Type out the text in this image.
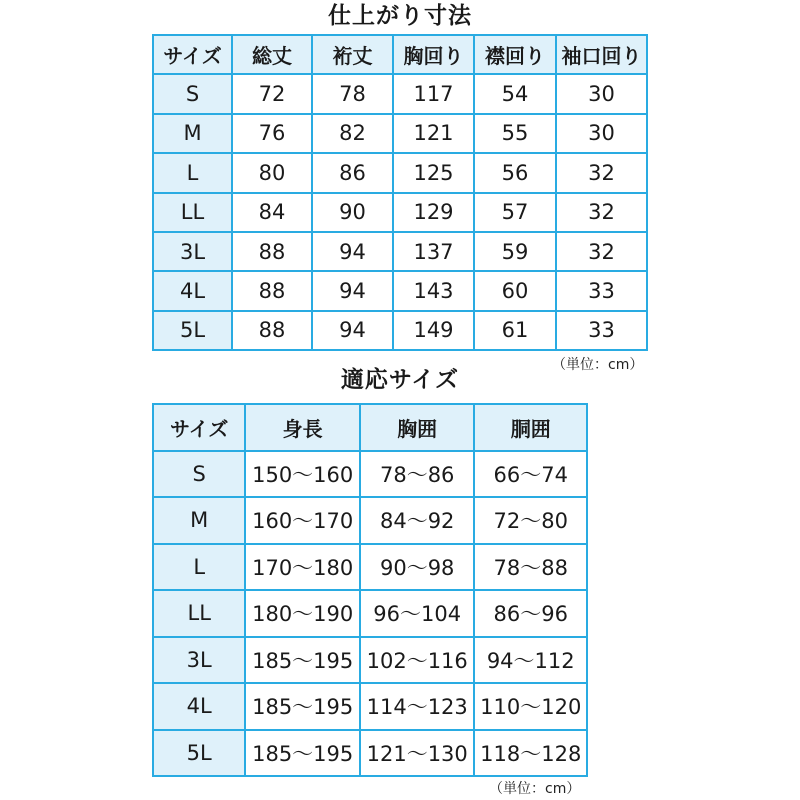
仕上がり寸法
サイズ	総丈	裄丈	胸回り	襟回り	袖口回り
S	72	78	117	54	30
M	76	82	121	55	30
L	80	86	125	56	32
LL	84	90	129	57	32
3L	88	94	137	59	32
4L	88	94	143	60	33
5L	88	94	149	61	33
（単位：cm）
適応サイズ
サイズ	身長	胸囲	胴囲
S	150〜160	78〜86	66〜74
M	160〜170	84〜92	72〜80
L	170〜180	90〜98	78〜88
LL	180〜190	96〜104	86〜96
3L	185〜195	102〜116	94〜112
4L	185〜195	114〜123	110〜120
5L	185〜195	121〜130	118〜128
（単位：cm）
